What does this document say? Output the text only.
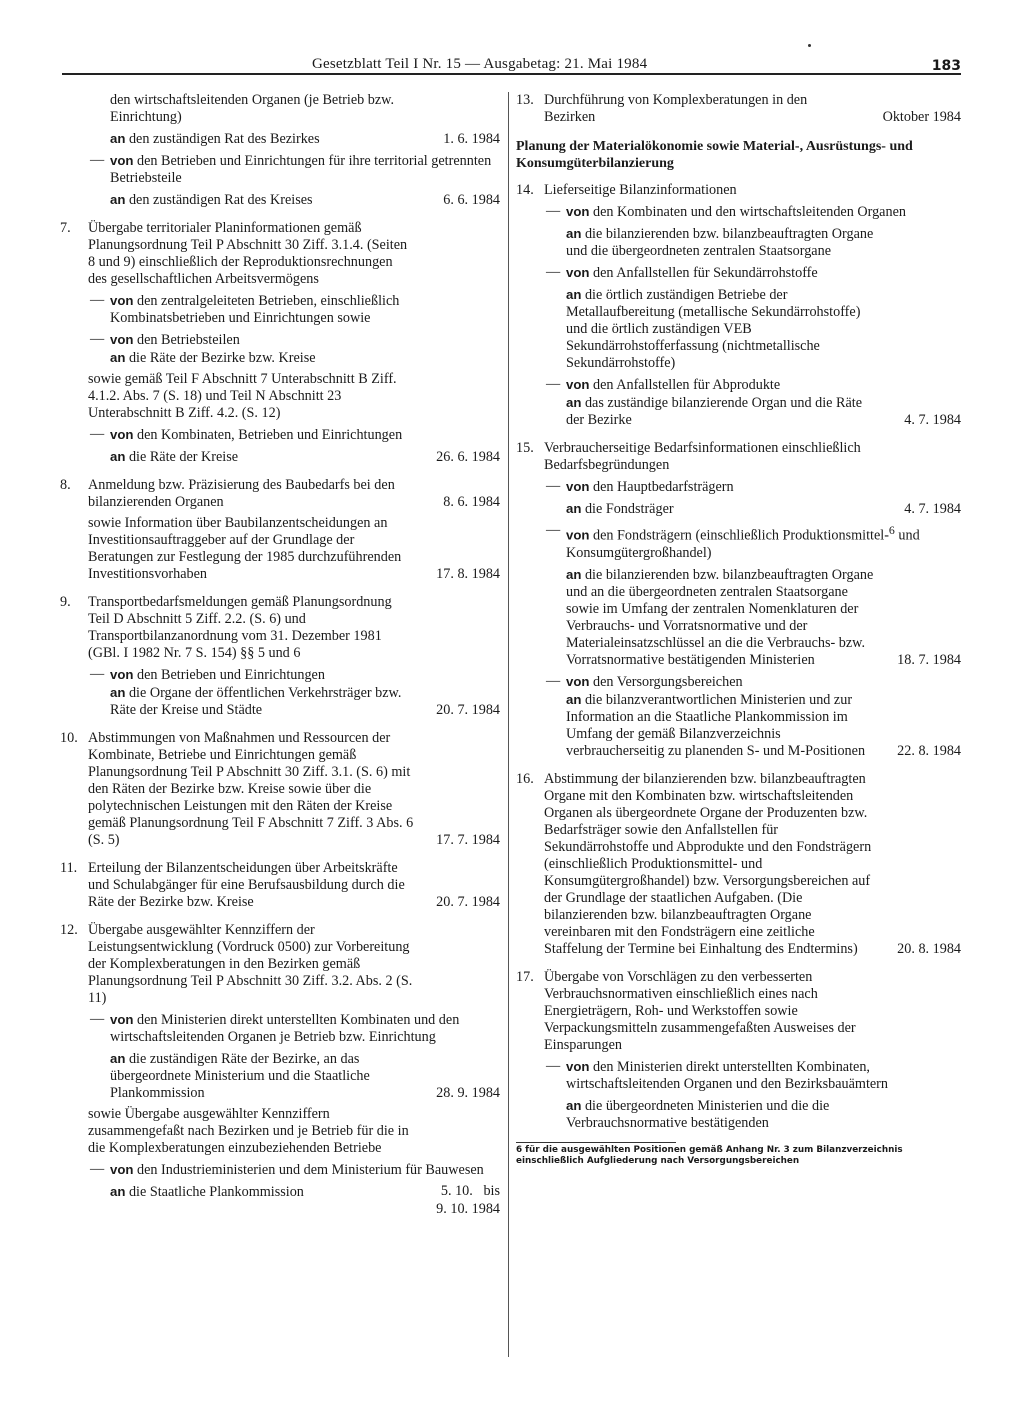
Gesetzblatt Teil I Nr. 15 — Ausgabetag: 21. Mai 1984	183
den wirtschaftsleitenden Organen (je Betrieb bzw. Einrichtung)
an den zuständigen Rat des Bezirkes	1. 6. 1984
— von den Betrieben und Einrichtungen für ihre territorial getrennten Betriebsteile
an den zuständigen Rat des Kreises	6. 6. 1984
7. Übergabe territorialer Planinformationen gemäß Planungsordnung Teil P Abschnitt 30 Ziff. 3.1.4. (Seiten 8 und 9) einschließlich der Reproduktionsrechnungen des gesellschaftlichen Arbeitsvermögens
— von den zentralgeleiteten Betrieben, einschließlich Kombinatsbetrieben und Einrichtungen sowie
— von den Betriebsteilen
an die Räte der Bezirke bzw. Kreise
sowie gemäß Teil F Abschnitt 7 Unterabschnitt B Ziff. 4.1.2. Abs. 7 (S. 18) und Teil N Abschnitt 23 Unterabschnitt B Ziff. 4.2. (S. 12)
— von den Kombinaten, Betrieben und Einrichtungen
an die Räte der Kreise	26. 6. 1984
8. Anmeldung bzw. Präzisierung des Baubedarfs bei den bilanzierenden Organen	8. 6. 1984
sowie Information über Baubilanzentscheidungen an Investitionsauftraggeber auf der Grundlage der Beratungen zur Festlegung der 1985 durchzuführenden Investitionsvorhaben	17. 8. 1984
9. Transportbedarfsmeldungen gemäß Planungsordnung Teil D Abschnitt 5 Ziff. 2.2. (S. 6) und Transportbilanzanordnung vom 31. Dezember 1981 (GBl. I 1982 Nr. 7 S. 154) §§ 5 und 6
— von den Betrieben und Einrichtungen
an die Organe der öffentlichen Verkehrsträger bzw. Räte der Kreise und Städte	20. 7. 1984
10. Abstimmungen von Maßnahmen und Ressourcen der Kombinate, Betriebe und Einrichtungen gemäß Planungsordnung Teil P Abschnitt 30 Ziff. 3.1. (S. 6) mit den Räten der Bezirke bzw. Kreise sowie über die polytechnischen Leistungen mit den Räten der Kreise gemäß Planungsordnung Teil F Abschnitt 7 Ziff. 3 Abs. 6 (S. 5)	17. 7. 1984
11. Erteilung der Bilanzentscheidungen über Arbeitskräfte und Schulabgänger für eine Berufsausbildung durch die Räte der Bezirke bzw. Kreise	20. 7. 1984
12. Übergabe ausgewählter Kennziffern der Leistungsentwicklung (Vordruck 0500) zur Vorbereitung der Komplexberatungen in den Bezirken gemäß Planungsordnung Teil P Abschnitt 30 Ziff. 3.2. Abs. 2 (S. 11)
— von den Ministerien direkt unterstellten Kombinaten und den wirtschaftsleitenden Organen je Betrieb bzw. Einrichtung
an die zuständigen Räte der Bezirke, an das übergeordnete Ministerium und die Staatliche Plankommission	28. 9. 1984
sowie Übergabe ausgewählter Kennziffern zusammengefaßt nach Bezirken und je Betrieb für die in die Komplexberatungen einzubeziehenden Betriebe
— von den Industrieministerien und dem Ministerium für Bauwesen
an die Staatliche Plankommission	5. 10. bis

9. 10. 1984
13. Durchführung von Komplexberatungen in den Bezirken	Oktober 1984
Planung der Materialökonomie sowie Material-, Ausrüstungs- und Konsumgüterbilanzierung
14. Lieferseitige Bilanzinformationen
— von den Kombinaten und den wirtschaftsleitenden Organen
an die bilanzierenden bzw. bilanzbeauftragten Organe und die übergeordneten zentralen Staatsorgane
— von den Anfallstellen für Sekundärrohstoffe
an die örtlich zuständigen Betriebe der Metallaufbereitung (metallische Sekundärrohstoffe) und die örtlich zuständigen VEB Sekundärrohstofferfassung (nichtmetallische Sekundärrohstoffe)
— von den Anfallstellen für Abprodukte
an das zuständige bilanzierende Organ und die Räte der Bezirke	4. 7. 1984
15. Verbraucherseitige Bedarfsinformationen einschließlich Bedarfsbegründungen
— von den Hauptbedarfsträgern
an die Fondsträger	4. 7. 1984
— von den Fondsträgern (einschließlich Produktionsmittel-$^6$ und Konsumgütergroßhandel)
an die bilanzierenden bzw. bilanzbeauftragten Organe und an die übergeordneten zentralen Staatsorgane sowie im Umfang der zentralen Nomenklaturen der Verbrauchs- und Vorratsnormative und der Materialeinsatzschlüssel an die die Verbrauchs- bzw. Vorratsnormative bestätigenden Ministerien	18. 7. 1984
— von den Versorgungsbereichen
an die bilanzverantwortlichen Ministerien und zur Information an die Staatliche Plankommission im Umfang der gemäß Bilanzverzeichnis verbraucherseitig zu planenden S- und M-Positionen	22. 8. 1984
16. Abstimmung der bilanzierenden bzw. bilanzbeauftragten Organe mit den Kombinaten bzw. wirtschaftsleitenden Organen als übergeordnete Organe der Produzenten bzw. Bedarfsträger sowie den Anfallstellen für Sekundärrohstoffe und Abprodukte und den Fondsträgern (einschließlich Produktionsmittel- und Konsumgütergroßhandel) bzw. Versorgungsbereichen auf der Grundlage der staatlichen Aufgaben. (Die bilanzierenden bzw. bilanzbeauftragten Organe vereinbaren mit den Fondsträgern eine zeitliche Staffelung der Termine bei Einhaltung des Endtermins)	20. 8. 1984
17. Übergabe von Vorschlägen zu den verbesserten Verbrauchsnormativen einschließlich eines nach Energieträgern, Roh- und Werkstoffen sowie Verpackungsmitteln zusammengefaßten Ausweises der Einsparungen
— von den Ministerien direkt unterstellten Kombinaten, wirtschaftsleitenden Organen und den Bezirksbauämtern
an die übergeordneten Ministerien und die die Verbrauchsnormative bestätigenden
6 für die ausgewählten Positionen gemäß Anhang Nr. 3 zum Bilanzverzeichnis einschließlich Aufgliederung nach Versorgungsbereichen
